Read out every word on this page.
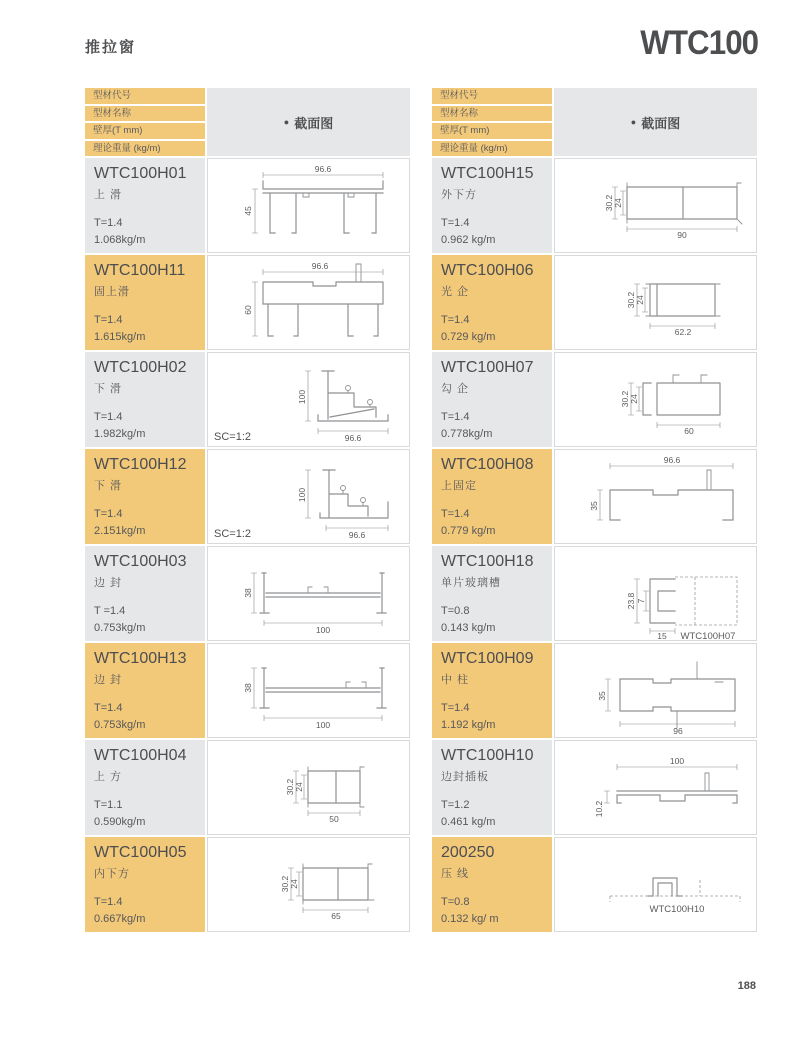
推拉窗	WTC100
型材代号
型材名称
壁厚(T mm)
理论重量 (kg/m)
● 截面图
WTC100H01
上 滑
T=1.4
1.068kg/m
96.6
45
WTC100H11
固上滑
T=1.4
1.615kg/m
96.6
60
WTC100H02
下 滑
T=1.4
1.982kg/m
100
96.6
SC=1:2
WTC100H12
下 滑
T=1.4
2.151kg/m
100
96.6
SC=1:2
WTC100H03
边 封
T =1.4
0.753kg/m
38
100
WTC100H13
边 封
T=1.4
0.753kg/m
38
100
WTC100H04
上 方
T=1.1
0.590kg/m
30.2 24
50
WTC100H05
内下方
T=1.4
0.667kg/m
30.2 24
65
型材代号
型材名称
壁厚(T mm)
理论重量 (kg/m)
● 截面图
WTC100H15
外下方
T=1.4
0.962 kg/m
30.2 24
90
WTC100H06
光 企
T=1.4
0.729 kg/m
30.2 24
62.2
WTC100H07
勾 企
T=1.4
0.778kg/m
30.2 24
60
WTC100H08
上固定
T=1.4
0.779 kg/m
96.6
35
WTC100H18
单片玻璃槽
T=0.8
0.143 kg/m
23.8 7
15 WTC100H07
WTC100H09
中 柱
T=1.4
1.192 kg/m
35
96
WTC100H10
边封插板
T=1.2
0.461 kg/m
100
10.2
200250
压 线
T=0.8
0.132 kg/ m
WTC100H10
188
